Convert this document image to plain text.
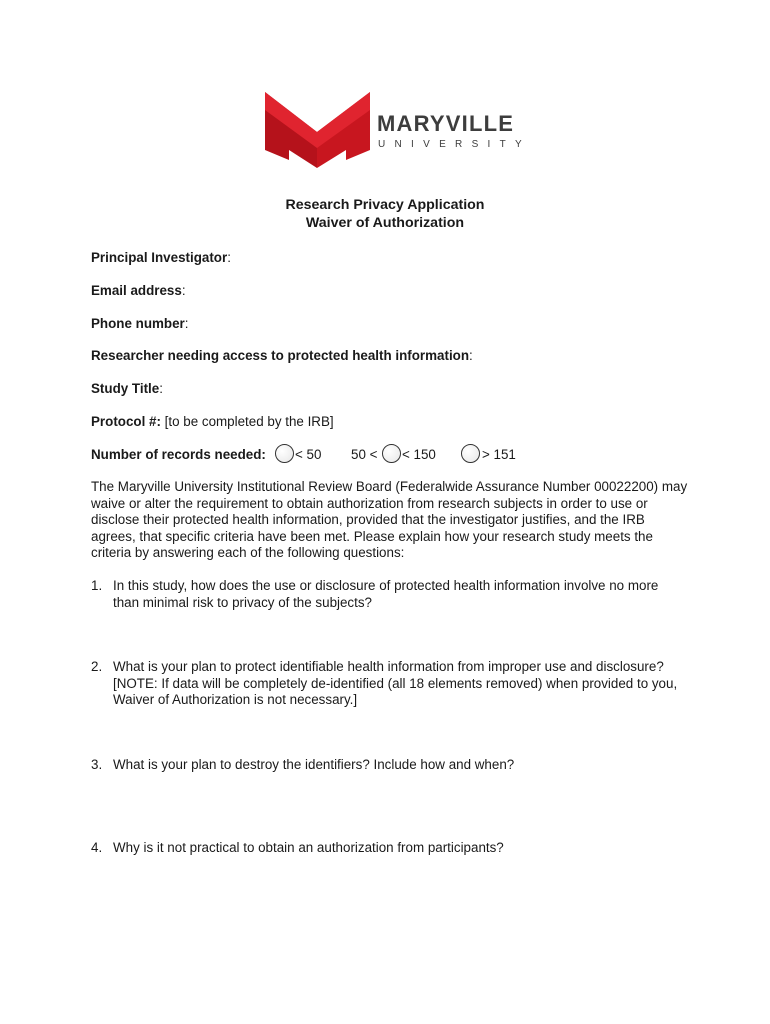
MARYVILLE
UNIVERSITY
Research Privacy Application
Waiver of Authorization
Principal Investigator:
Email address:
Phone number:
Researcher needing access to protected health information:
Study Title:
Protocol #: [to be completed by the IRB]
Number of records needed: < 50 50 < < 150	> 151
The Maryville University Institutional Review Board (Federalwide Assurance Number 00022200) may waive or alter the requirement to obtain authorization from research subjects in order to use or disclose their protected health information, provided that the investigator justifies, and the IRB agrees, that specific criteria have been met. Please explain how your research study meets the criteria by answering each of the following questions:
1. In this study, how does the use or disclosure of protected health information involve no more than minimal risk to privacy of the subjects?
2. What is your plan to protect identifiable health information from improper use and disclosure? [NOTE: If data will be completely de-identified (all 18 elements removed) when provided to you, Waiver of Authorization is not necessary.]
3. What is your plan to destroy the identifiers? Include how and when?
4. Why is it not practical to obtain an authorization from participants?
